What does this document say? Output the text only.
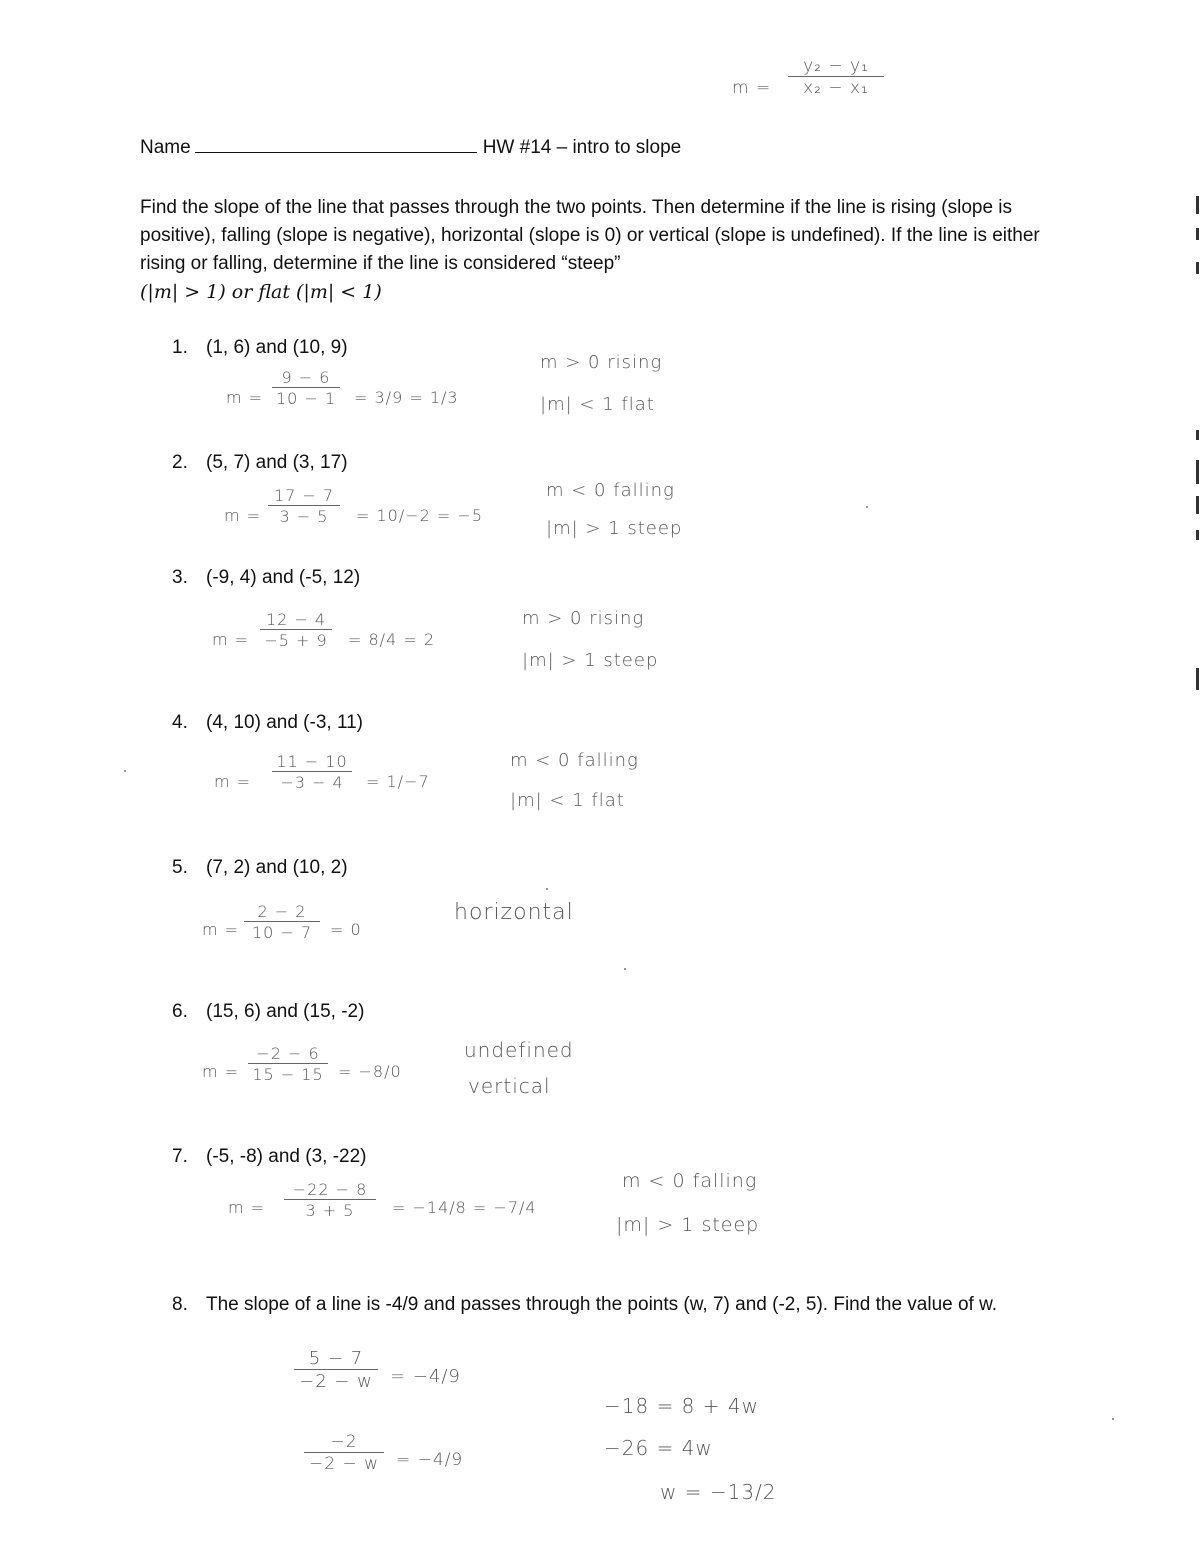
$m = \frac{\text{y₂ − y₁}}{\text{x₂ − x₁}}$
Name	HW #14 – intro to slope
Find the slope of the line that passes through the two points. Then determine if the line is rising (slope is positive), falling (slope is negative), horizontal (slope is 0) or vertical (slope is undefined). If the line is either rising or falling, determine if the line is considered “steep”
(|m| > 1) or flat (|m| < 1)
1. (1, 6) and (10, 9)
$m = \frac{9 - 6}{10 - 1} = 3/9 = 1/3$
m > 0 rising
|m| < 1 flat
2. (5, 7) and (3, 17)
$m = \frac{17 - 7}{3 - 5} = 10/-2 = -5$
m < 0 falling
|m| > 1 steep
3. (-9, 4) and (-5, 12)
$m = \frac{12 - 4}{-5 + 9} = 8/4 = 2$
m > 0 rising
|m| > 1 steep
4. (4, 10) and (-3, 11)
$m = \frac{11 - 10}{-3 - 4} = 1/-7$
m < 0 falling
|m| < 1 flat
5. (7, 2) and (10, 2)
$m = \frac{2 - 2}{10 - 7} = 0$
horizontal
6. (15, 6) and (15, -2)
$m = \frac{-2 - 6}{15 - 15} = -8/0$
undefined
vertical
7. (-5, -8) and (3, -22)
$m = \frac{-22 - 8}{3 + 5} = -14/8 = -7/4$
m < 0 falling
|m| > 1 steep
8. The slope of a line is -4/9 and passes through the points (w, 7) and (-2, 5). Find the value of w.
$\frac{5 - 7}{-2 - w} = -4/9$
$\frac{-2}{-2 - w} = -4/9$
−18 = 8 + 4w
−26 = 4w
w = −13/2
